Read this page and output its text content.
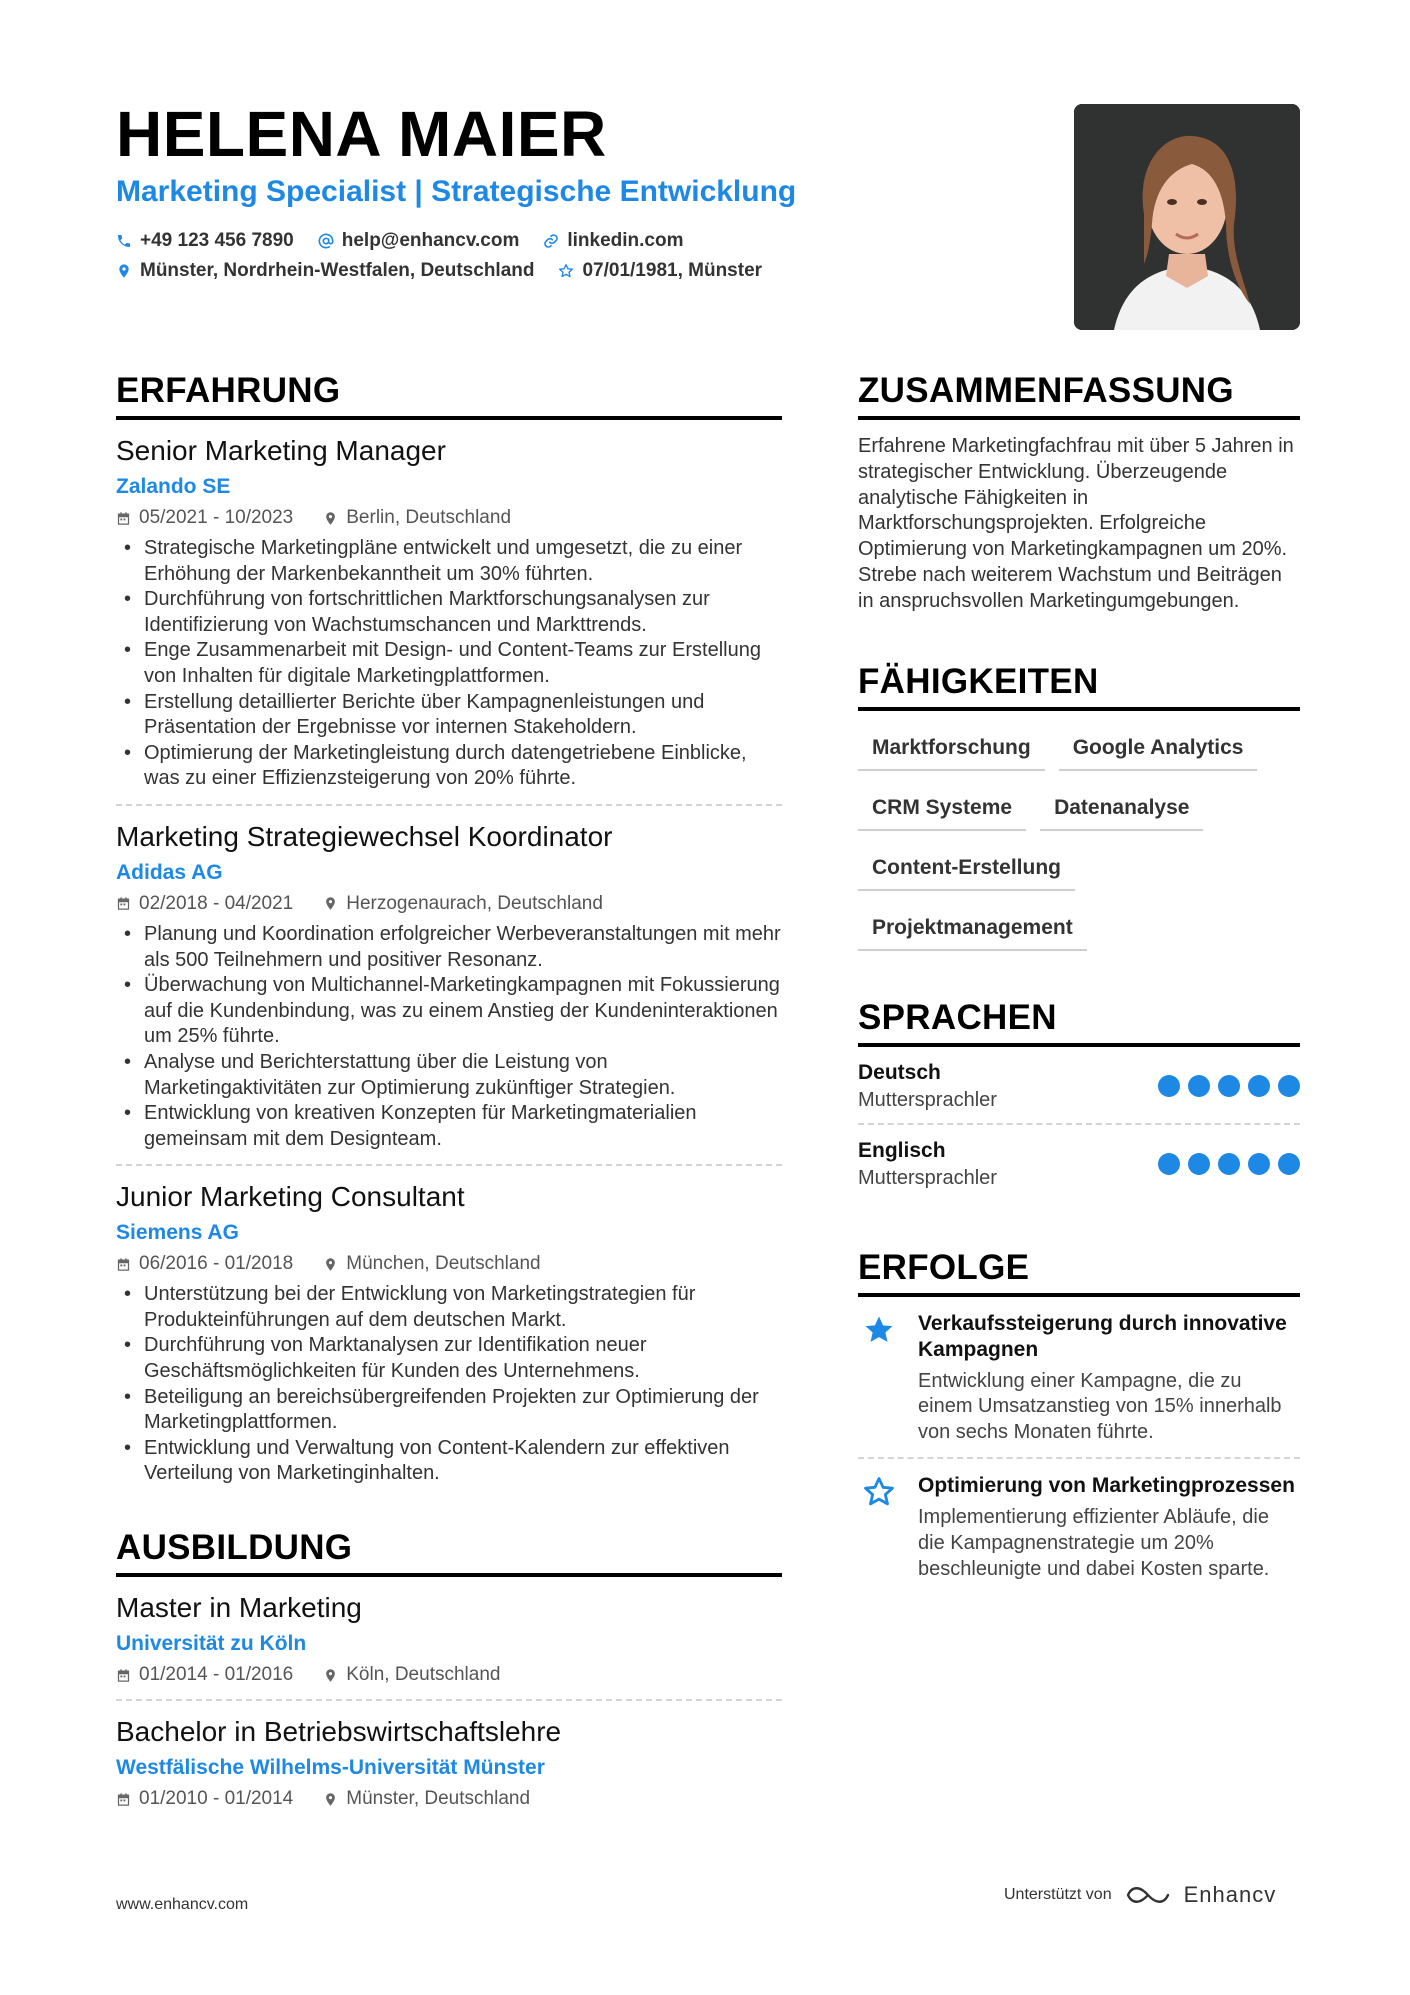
HELENA MAIER
Marketing Specialist | Strategische Entwicklung
+49 123 456 7890	help@enhancv.com	linkedin.com
Münster, Nordrhein-Westfalen, Deutschland	07/01/1981, Münster
ERFAHRUNG
Senior Marketing Manager
Zalando SE
05/2021 - 10/2023	Berlin, Deutschland
• Strategische Marketingpläne entwickelt und umgesetzt, die zu einer Erhöhung der Markenbekanntheit um 30% führten.
• Durchführung von fortschrittlichen Marktforschungsanalysen zur Identifizierung von Wachstumschancen und Markttrends.
• Enge Zusammenarbeit mit Design- und Content-Teams zur Erstellung von Inhalten für digitale Marketingplattformen.
• Erstellung detaillierter Berichte über Kampagnenleistungen und Präsentation der Ergebnisse vor internen Stakeholdern.
• Optimierung der Marketingleistung durch datengetriebene Einblicke, was zu einer Effizienzsteigerung von 20% führte.
Marketing Strategiewechsel Koordinator
Adidas AG
02/2018 - 04/2021	Herzogenaurach, Deutschland
• Planung und Koordination erfolgreicher Werbeveranstaltungen mit mehr als 500 Teilnehmern und positiver Resonanz.
• Überwachung von Multichannel-Marketingkampagnen mit Fokussierung auf die Kundenbindung, was zu einem Anstieg der Kundeninteraktionen um 25% führte.
• Analyse und Berichterstattung über die Leistung von Marketingaktivitäten zur Optimierung zukünftiger Strategien.
• Entwicklung von kreativen Konzepten für Marketingmaterialien gemeinsam mit dem Designteam.
Junior Marketing Consultant
Siemens AG
06/2016 - 01/2018	München, Deutschland
• Unterstützung bei der Entwicklung von Marketingstrategien für Produkteinführungen auf dem deutschen Markt.
• Durchführung von Marktanalysen zur Identifikation neuer Geschäftsmöglichkeiten für Kunden des Unternehmens.
• Beteiligung an bereichsübergreifenden Projekten zur Optimierung der Marketingplattformen.
• Entwicklung und Verwaltung von Content-Kalendern zur effektiven Verteilung von Marketinginhalten.
AUSBILDUNG
Master in Marketing
Universität zu Köln
01/2014 - 01/2016	Köln, Deutschland
Bachelor in Betriebswirtschaftslehre
Westfälische Wilhelms-Universität Münster
01/2010 - 01/2014	Münster, Deutschland
ZUSAMMENFASSUNG
Erfahrene Marketingfachfrau mit über 5 Jahren in strategischer Entwicklung. Überzeugende analytische Fähigkeiten in Marktforschungsprojekten. Erfolgreiche Optimierung von Marketingkampagnen um 20%. Strebe nach weiterem Wachstum und Beiträgen in anspruchsvollen Marketingumgebungen.
FÄHIGKEITEN
Marktforschung	Google Analytics
CRM Systeme	Datenanalyse
Content-Erstellung
Projektmanagement
SPRACHEN
Deutsch
Muttersprachler
Englisch
Muttersprachler
ERFOLGE
Verkaufssteigerung durch innovative Kampagnen
Entwicklung einer Kampagne, die zu einem Umsatzanstieg von 15% innerhalb von sechs Monaten führte.
Optimierung von Marketingprozessen
Implementierung effizienter Abläufe, die die Kampagnenstrategie um 20% beschleunigte und dabei Kosten sparte.
www.enhancv.com
Unterstützt von	Enhancv
